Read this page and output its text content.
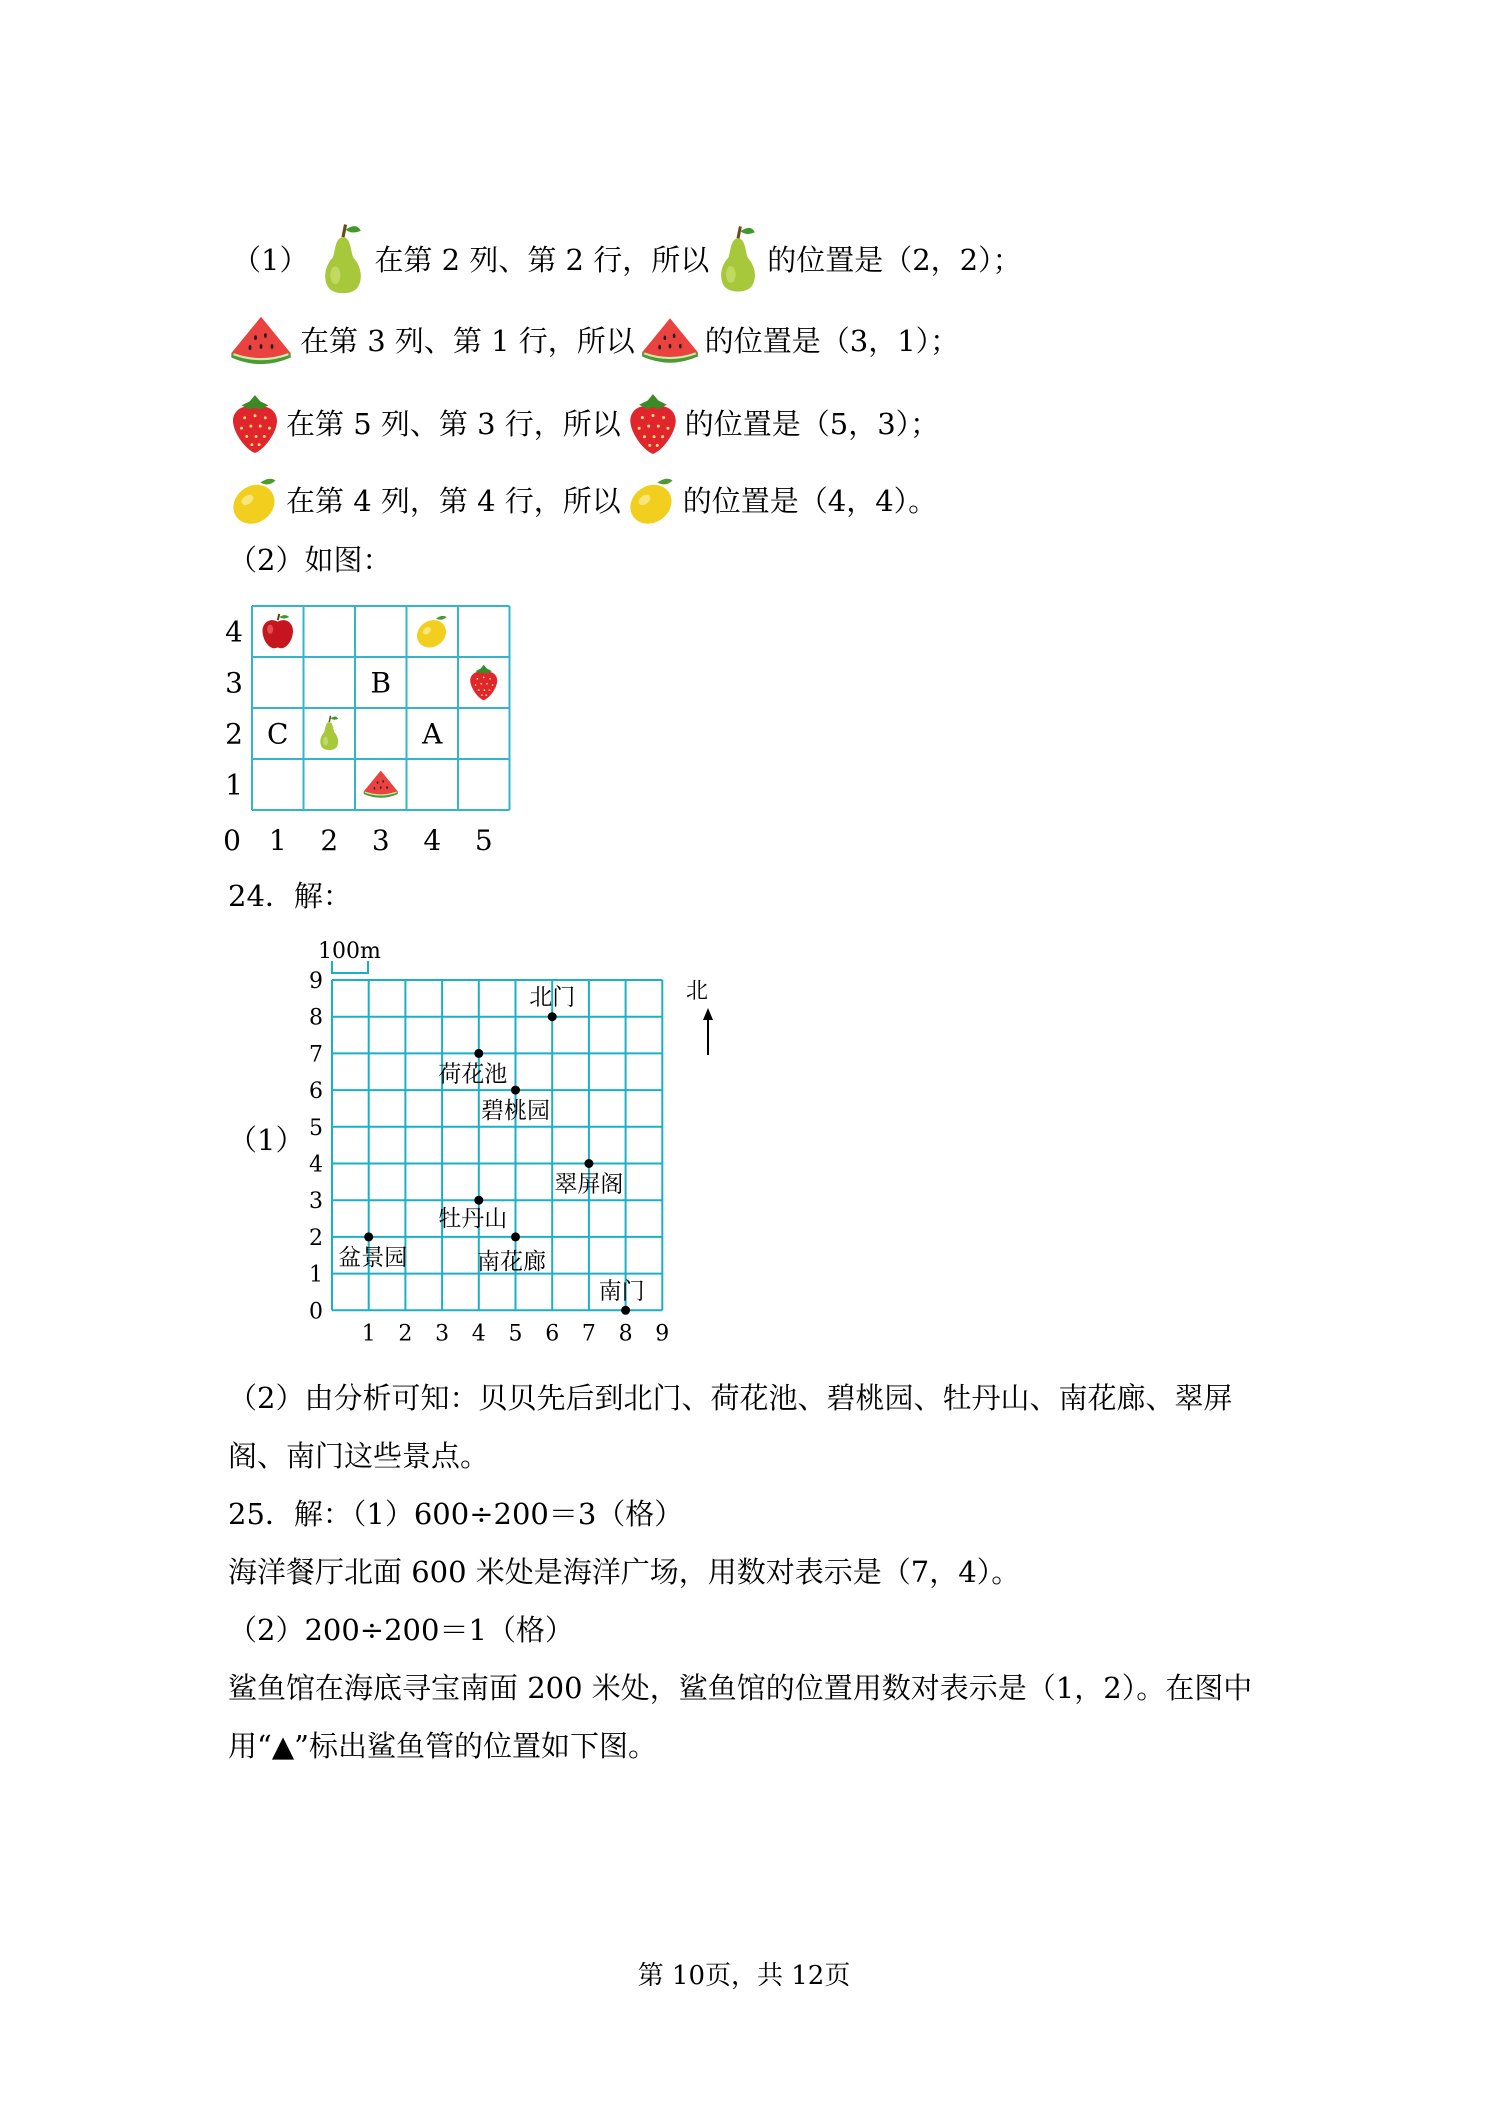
（1） 在第 2 列、第 2 行，所以 的位置是（2，2）；
在第 3 列、第 1 行，所以 的位置是（3，1）；
在第 5 列、第 3 行，所以 的位置是（5，3）；
在第 4 列，第 4 行，所以 的位置是（4，4）。
（2）如图：
0 1 2 3 4 5
1
2
3
4
B
C	A
24．解：
（1）
1 2 3 4 5 6 7 8 9
0
1
2
3
4
5
6
7
8
9
北门
荷花池
碧桃园
翠屏阁
牡丹山
盆景园	南花廊
南门
100m
北
（2）由分析可知：贝贝先后到北门、荷花池、碧桃园、牡丹山、南花廊、翠屏
阁、南门这些景点。
25．解：（1）600÷200＝3（格）
海洋餐厅北面 600 米处是海洋广场，用数对表示是（7，4）。
（2）200÷200＝1（格）
鲨鱼馆在海底寻宝南面 200 米处，鲨鱼馆的位置用数对表示是（1，2）。在图中
用“▲”标出鲨鱼管的位置如下图。
第 10页，共 12页
